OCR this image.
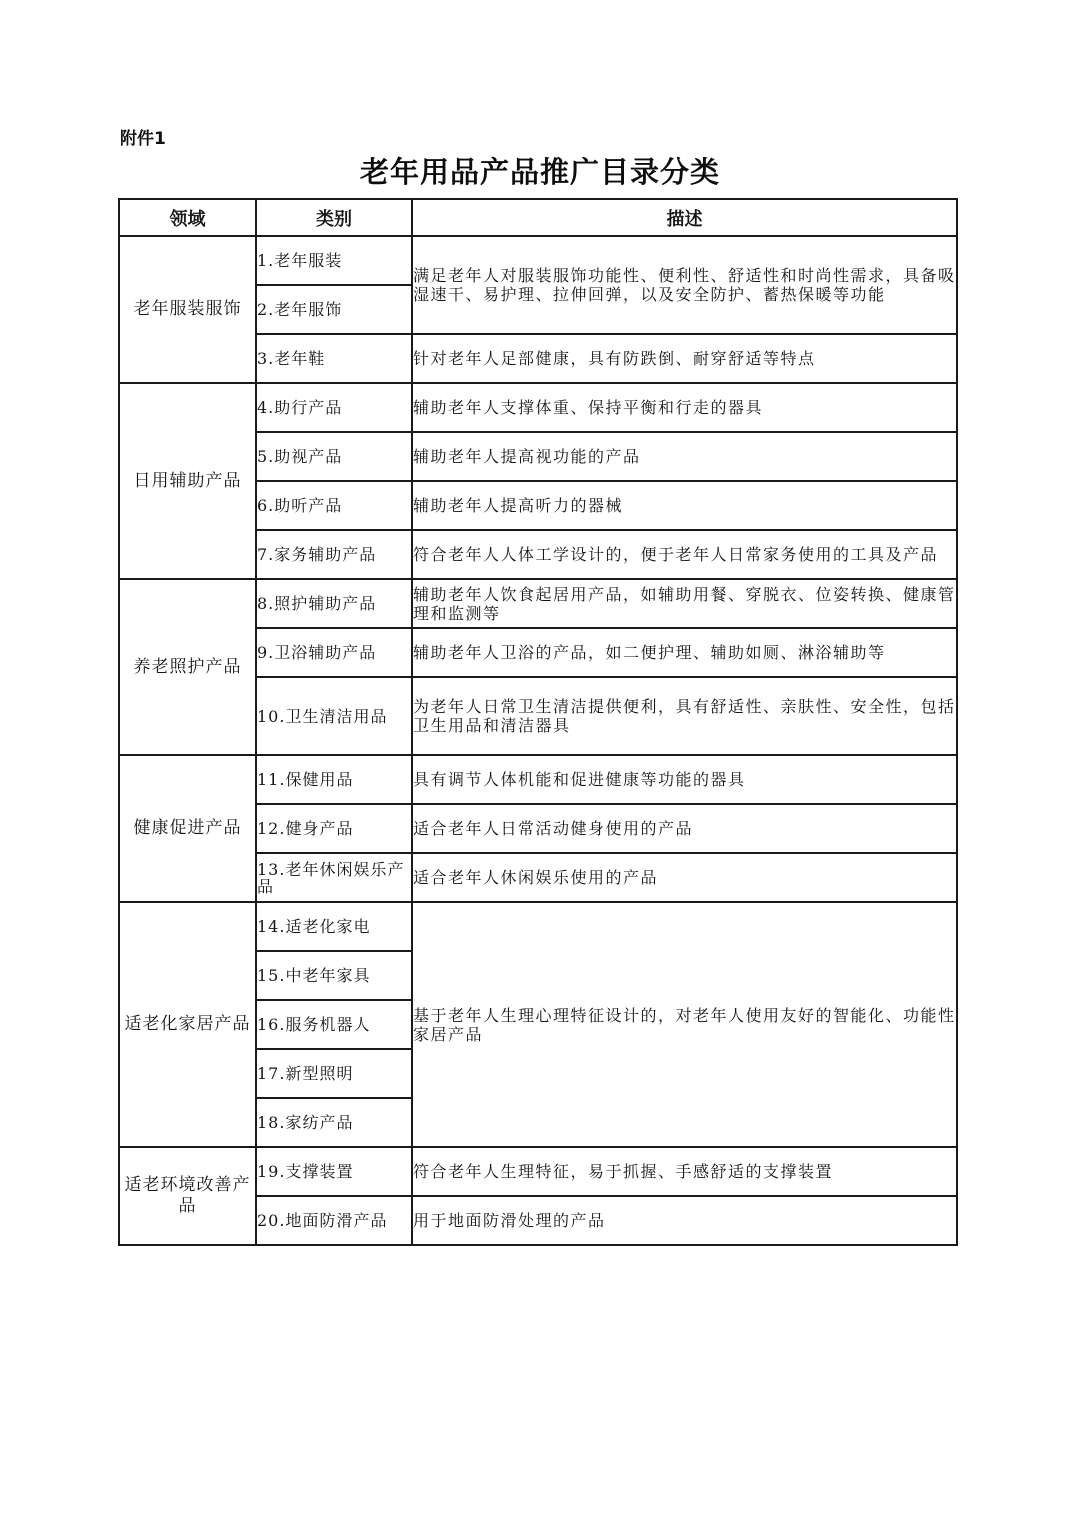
附件1
老年用品产品推广目录分类
领域	类别	描述
老年服装服饰	1.老年服装	满足老年人对服装服饰功能性、便利性、舒适性和时尚性需求，具备吸湿速干、易护理、拉伸回弹，以及安全防护、蓄热保暖等功能
	2.老年服饰	
	3.老年鞋	针对老年人足部健康，具有防跌倒、耐穿舒适等特点
日用辅助产品	4.助行产品	辅助老年人支撑体重、保持平衡和行走的器具
	5.助视产品	辅助老年人提高视功能的产品
	6.助听产品	辅助老年人提高听力的器械
	7.家务辅助产品	符合老年人人体工学设计的，便于老年人日常家务使用的工具及产品
养老照护产品	8.照护辅助产品	辅助老年人饮食起居用产品，如辅助用餐、穿脱衣、位姿转换、健康管理和监测等
	9.卫浴辅助产品	辅助老年人卫浴的产品，如二便护理、辅助如厕、淋浴辅助等
	10.卫生清洁用品	为老年人日常卫生清洁提供便利，具有舒适性、亲肤性、安全性，包括卫生用品和清洁器具
健康促进产品	11.保健用品	具有调节人体机能和促进健康等功能的器具
	12.健身产品	适合老年人日常活动健身使用的产品
	13.老年休闲娱乐产品	适合老年人休闲娱乐使用的产品
适老化家居产品	14.适老化家电	基于老年人生理心理特征设计的，对老年人使用友好的智能化、功能性家居产品
	15.中老年家具	
	16.服务机器人	
	17.新型照明	
	18.家纺产品	
适老环境改善产品	19.支撑装置	符合老年人生理特征，易于抓握、手感舒适的支撑装置
	20.地面防滑产品	用于地面防滑处理的产品
